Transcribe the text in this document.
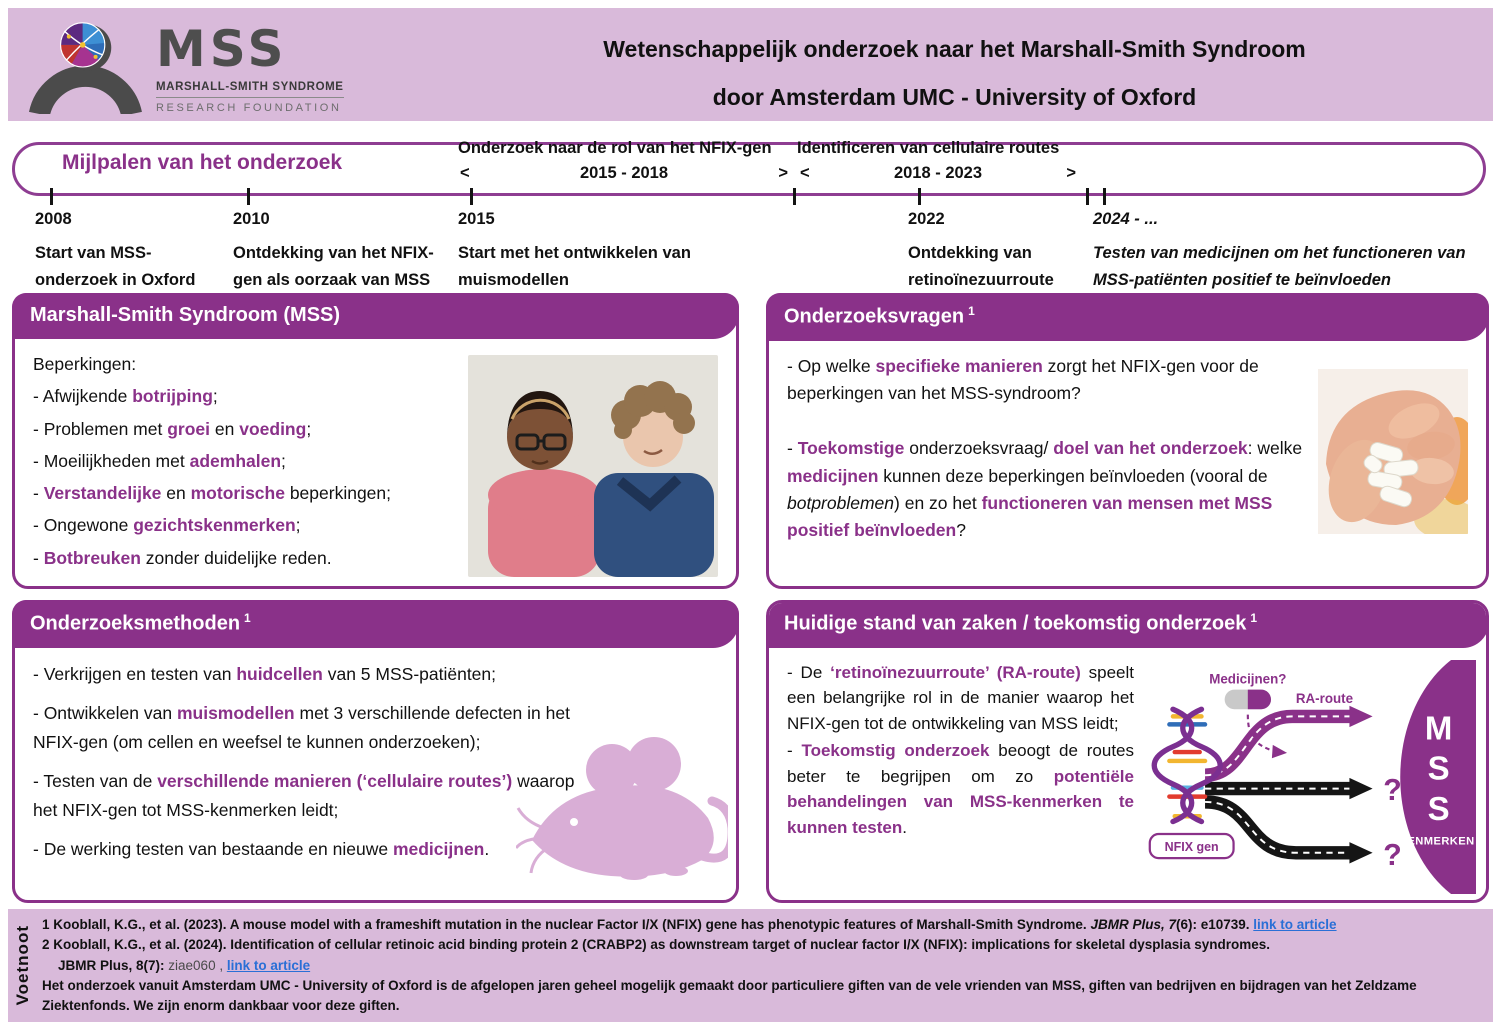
MSS
MARSHALL-SMITH SYNDROME
RESEARCH FOUNDATION
Wetenschappelijk onderzoek naar het Marshall-Smith Syndroom
door Amsterdam UMC - University of Oxford
Mijlpalen van het onderzoek
Onderzoek naar de rol van het NFIX-gen Identificeren van cellulaire routes
<	2015 - 2018	> <	2018 - 2023	>
2008
Start van MSS-onderzoek in Oxford
2010
Ontdekking van het NFIX-gen als oorzaak van MSS
2015
Start met het ontwikkelen van muismodellen
2022
Ontdekking van retinoïnezuurroute
2024 - ...
Testen van medicijnen om het functioneren van MSS-patiënten positief te beïnvloeden
Marshall-Smith Syndroom (MSS)
Beperkingen:
- Afwijkende botrijping;
- Problemen met groei en voeding;
- Moeilijkheden met ademhalen;
- Verstandelijke en motorische beperkingen;
- Ongewone gezichtskenmerken;
- Botbreuken zonder duidelijke reden.
Onderzoeksvragen $^1$
- Op welke specifieke manieren zorgt het NFIX-gen voor de beperkingen van het MSS-syndroom?
- Toekomstige onderzoeksvraag/ doel van het onderzoek: welke medicijnen kunnen deze beperkingen beïnvloeden (vooral de botproblemen) en zo het functioneren van mensen met MSS positief beïnvloeden?
Onderzoeksmethoden $^1$
- Verkrijgen en testen van huidcellen van 5 MSS-patiënten;
- Ontwikkelen van muismodellen met 3 verschillende defecten in het NFIX-gen (om cellen en weefsel te kunnen onderzoeken);
- Testen van de verschillende manieren (‘cellulaire routes’) waarop het NFIX-gen tot MSS-kenmerken leidt;
- De werking testen van bestaande en nieuwe medicijnen.
Huidige stand van zaken / toekomstig onderzoek $^1$
- De ‘retinoïnezuurroute’ (RA-route) speelt een belangrijke rol in de manier waarop het NFIX-gen tot de ontwikkeling van MSS leidt;
- Toekomstig onderzoek beoogt de routes beter te begrijpen om zo potentiële behandelingen van MSS-kenmerken te kunnen testen.
M
S
S
KENMERKEN
?
?
NFIX gen
Medicijnen?
RA-route
Voetnoot
1 Kooblall, K.G., et al. (2023). A mouse model with a frameshift mutation in the nuclear Factor I/X (NFIX) gene has phenotypic features of Marshall-Smith Syndrome. JBMR Plus, 7(6): e10739. link to article
2 Kooblall, K.G., et al. (2024). Identification of cellular retinoic acid binding protein 2 (CRABP2) as downstream target of nuclear factor I/X (NFIX): implications for skeletal dysplasia syndromes.
JBMR Plus, 8(7): ziae060 , link to article
Het onderzoek vanuit Amsterdam UMC - University of Oxford is de afgelopen jaren geheel mogelijk gemaakt door particuliere giften van de vele vrienden van MSS, giften van bedrijven en bijdragen van het Zeldzame Ziektenfonds. We zijn enorm dankbaar voor deze giften.
